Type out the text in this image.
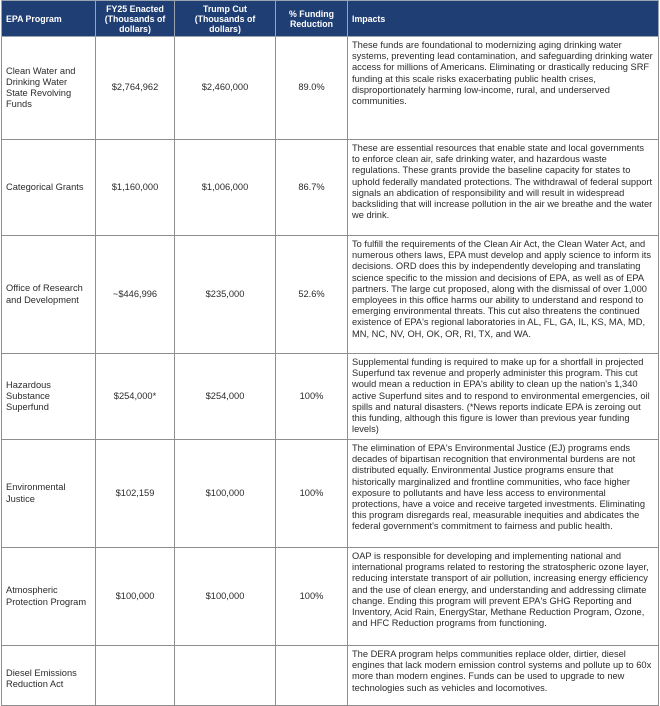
EPA Program	FY25 Enacted (Thousands of dollars)	Trump Cut (Thousands of dollars)	% Funding Reduction	Impacts
Clean Water and Drinking Water State Revolving Funds	$2,764,962	$2,460,000	89.0%	These funds are foundational to modernizing aging drinking water systems, preventing lead contamination, and safeguarding drinking water access for millions of Americans. Eliminating or drastically reducing SRF funding at this scale risks exacerbating public health crises, disproportionately harming low-income, rural, and underserved communities.
Categorical Grants	$1,160,000	$1,006,000	86.7%	These are essential resources that enable state and local governments to enforce clean air, safe drinking water, and hazardous waste regulations. These grants provide the baseline capacity for states to uphold federally mandated protections. The withdrawal of federal support signals an abdication of responsibility and will result in widespread backsliding that will increase pollution in the air we breathe and the water we drink.
Office of Research and Development	~$446,996	$235,000	52.6%	To fulfill the requirements of the Clean Air Act, the Clean Water Act, and numerous others laws, EPA must develop and apply science to inform its decisions. ORD does this by independently developing and translating science specific to the mission and decisions of EPA, as well as of EPA partners. The large cut proposed, along with the dismissal of over 1,000 employees in this office harms our ability to understand and respond to emerging environmental threats. This cut also threatens the continued existence of EPA's regional laboratories in AL, FL, GA, IL, KS, MA, MD, MN, NC, NV, OH, OK, OR, RI, TX, and WA.
Hazardous Substance Superfund	$254,000*	$254,000	100%	Supplemental funding is required to make up for a shortfall in projected Superfund tax revenue and properly administer this program. This cut would mean a reduction in EPA's ability to clean up the nation's 1,340 active Superfund sites and to respond to environmental emergencies, oil spills and natural disasters. (*News reports indicate EPA is zeroing out this funding, although this figure is lower than previous year funding levels)
Environmental Justice	$102,159	$100,000	100%	The elimination of EPA's Environmental Justice (EJ) programs ends decades of bipartisan recognition that environmental burdens are not distributed equally. Environmental Justice programs ensure that historically marginalized and frontline communities, who face higher exposure to pollutants and have less access to environmental protections, have a voice and receive targeted investments. Eliminating this program disregards real, measurable inequities and abdicates the federal government's commitment to fairness and public health.
Atmospheric Protection Program	$100,000	$100,000	100%	OAP is responsible for developing and implementing national and international programs related to restoring the stratospheric ozone layer, reducing interstate transport of air pollution, increasing energy efficiency and the use of clean energy, and understanding and addressing climate change. Ending this program will prevent EPA's GHG Reporting and Inventory, Acid Rain, EnergyStar, Methane Reduction Program, Ozone, and HFC Reduction programs from functioning.
Diesel Emissions Reduction Act				The DERA program helps communities replace older, dirtier, diesel engines that lack modern emission control systems and pollute up to 60x more than modern engines. Funds can be used to upgrade to new technologies such as vehicles and locomotives.
